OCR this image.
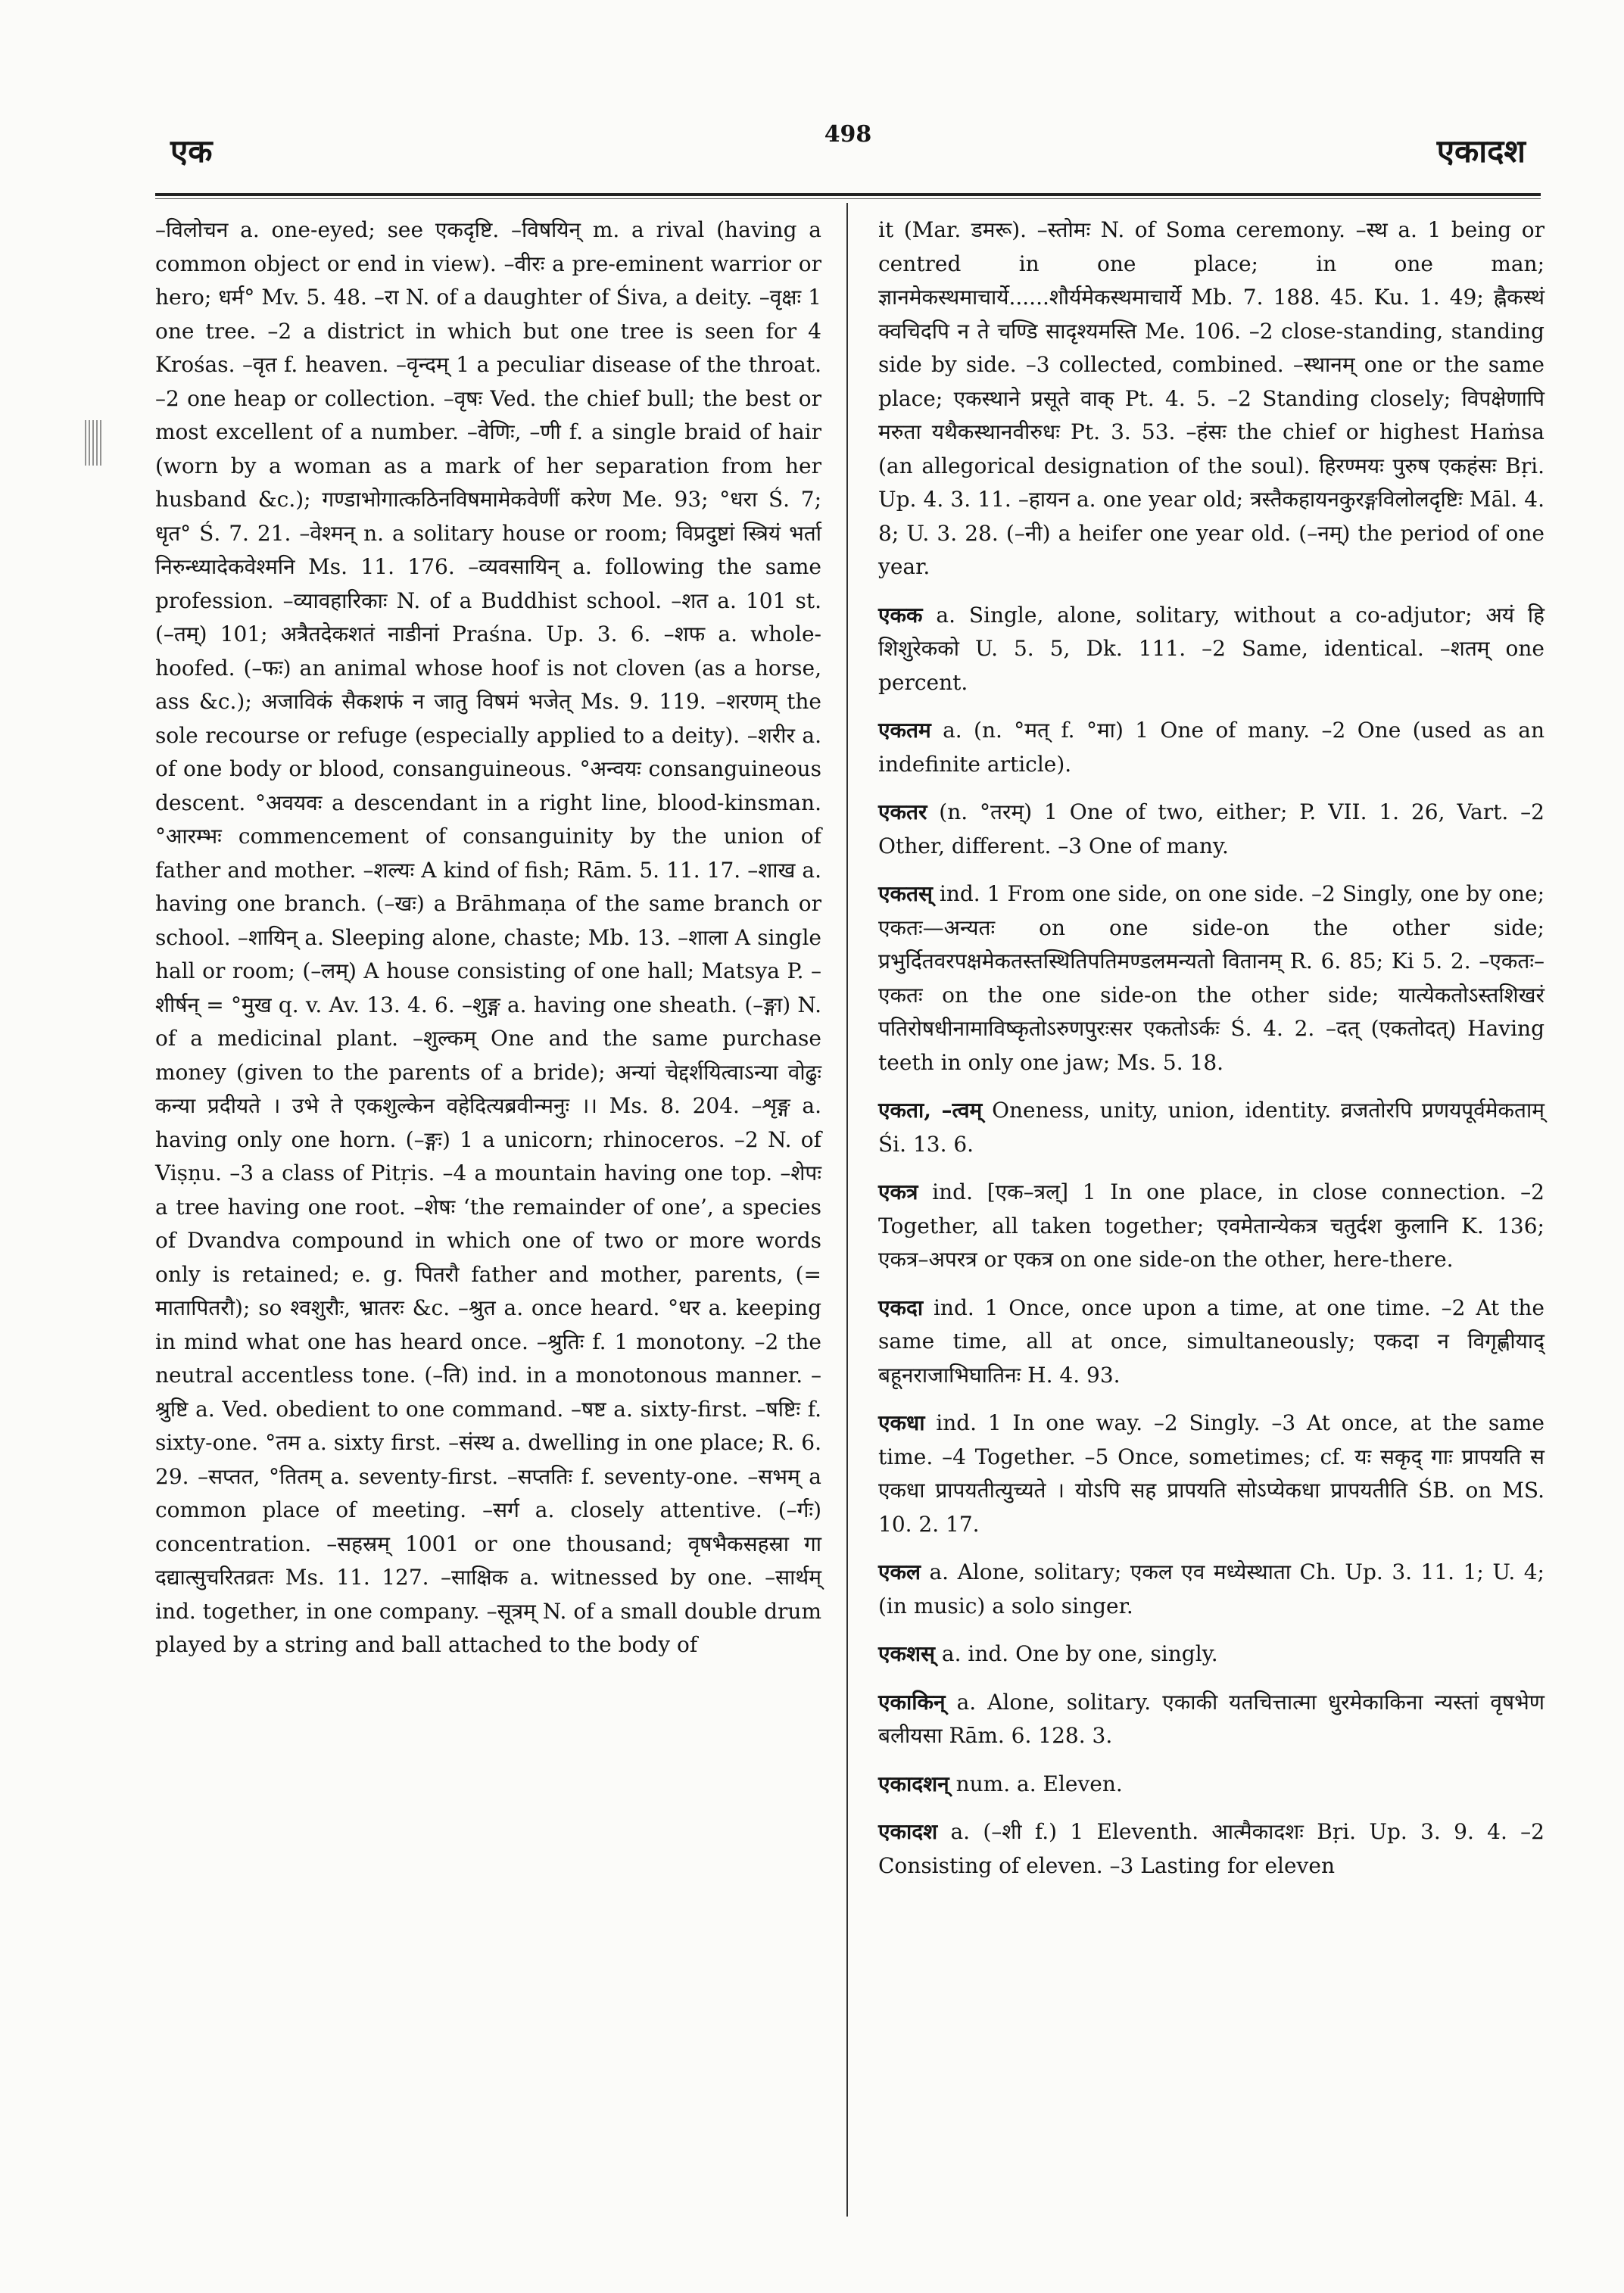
एक	498	एकादश

–विलोचन a. one-eyed; see एकदृष्टि. –विषयिन् m. a rival (having a common object or end in view). –वीरः a pre-eminent warrior or hero; धर्म° Mv. 5. 48. –रा N. of a daughter of Śiva, a deity. –वृक्षः 1 one tree. –2 a district in which but one tree is seen for 4 Krośas. –वृत f. heaven. –वृन्दम् 1 a peculiar disease of the throat. –2 one heap or collection. –वृषः Ved. the chief bull; the best or most excellent of a number. –वेणिः, –णी f. a single braid of hair (worn by a woman as a mark of her separation from her husband &c.); गण्डाभोगात्कठिनविषमामेकवेणीं करेण Me. 93; °धरा Ś. 7; धृत° Ś. 7. 21. –वेश्मन् n. a solitary house or room; विप्रदुष्टां स्त्रियं भर्ता निरुन्ध्यादेकवेश्मनि Ms. 11. 176. –व्यवसायिन् a. following the same profession. –व्यावहारिकाः N. of a Buddhist school. –शत a. 101 st. (–तम्) 101; अत्रैतदेकशतं नाडीनां Praśna. Up. 3. 6. –शफ a. whole-hoofed. (–फः) an animal whose hoof is not cloven (as a horse, ass &c.); अजाविकं सैकशफं न जातु विषमं भजेत् Ms. 9. 119. –शरणम् the sole recourse or refuge (especially applied to a deity). –शरीर a. of one body or blood, consanguineous. °अन्वयः consanguineous descent. °अवयवः a descendant in a right line, blood-kinsman. °आरम्भः commencement of consanguinity by the union of father and mother. –शल्यः A kind of fish; Rām. 5. 11. 17. –शाख a. having one branch. (–खः) a Brāhmaṇa of the same branch or school. –शायिन् a. Sleeping alone, chaste; Mb. 13. –शाला A single hall or room; (–लम्) A house consisting of one hall; Matsya P. –शीर्षन् = °मुख q. v. Av. 13. 4. 6. –शुङ्ग a. having one sheath. (–ङ्गा) N. of a medicinal plant. –शुल्कम् One and the same purchase money (given to the parents of a bride); अन्यां चेद्दर्शयित्वाऽन्या वोढुः कन्या प्रदीयते । उभे ते एकशुल्केन वहेदित्यब्रवीन्मनुः ।। Ms. 8. 204. –शृङ्ग a. having only one horn. (–ङ्गः) 1 a unicorn; rhinoceros. –2 N. of Viṣṇu. –3 a class of Pitṛis. –4 a mountain having one top. –शेपः a tree having one root. –शेषः ‘the remainder of one’, a species of Dvandva compound in which one of two or more words only is retained; e. g. पितरौ father and mother, parents, (= मातापितरौ); so श्वशुरौः, भ्रातरः &c. –श्रुत a. once heard. °धर a. keeping in mind what one has heard once. –श्रुतिः f. 1 monotony. –2 the neutral accentless tone. (–ति) ind. in a monotonous manner. –श्रुष्टि a. Ved. obedient to one command. –षष्ट a. sixty-first. –षष्टिः f. sixty-one. °तम a. sixty first. –संस्थ a. dwelling in one place; R. 6. 29. –सप्तत, °तितम् a. seventy-first. –सप्ततिः f. seventy-one. –सभम् a common place of meeting. –सर्ग a. closely attentive. (–र्गः) concentration. –सहस्रम् 1001 or one thousand; वृषभैकसहस्रा गा दद्यात्सुचरितव्रतः Ms. 11. 127. –साक्षिक a. witnessed by one. –सार्थम् ind. together, in one company. –सूत्रम् N. of a small double drum played by a string and ball attached to the body of

it (Mar. डमरू). –स्तोमः N. of Soma ceremony. –स्थ a. 1 being or centred in one place; in one man; ज्ञानमेकस्थमाचार्ये......शौर्यमेकस्थमाचार्ये Mb. 7. 188. 45. Ku. 1. 49; ह्नैकस्थं क्वचिदपि न ते चण्डि सादृश्यमस्ति Me. 106. –2 close-standing, standing side by side. –3 collected, combined. –स्थानम् one or the same place; एकस्थाने प्रसूते वाक् Pt. 4. 5. –2 Standing closely; विपक्षेणापि मरुता यथैकस्थानवीरुधः Pt. 3. 53. –हंसः the chief or highest Haṁsa (an allegorical designation of the soul). हिरण्मयः पुरुष एकहंसः Bṛi. Up. 4. 3. 11. –हायन a. one year old; त्रस्तैकहायनकुरङ्गविलोलदृष्टिः Māl. 4. 8; U. 3. 28. (–नी) a heifer one year old. (–नम्) the period of one year.

एकक a. Single, alone, solitary, without a co-adjutor; अयं हि शिशुरेकको U. 5. 5, Dk. 111. –2 Same, identical. –शतम् one percent.

एकतम a. (n. °मत् f. °मा) 1 One of many. –2 One (used as an indefinite article).

एकतर (n. °तरम्) 1 One of two, either; P. VII. 1. 26, Vart. –2 Other, different. –3 One of many.

एकतस् ind. 1 From one side, on one side. –2 Singly, one by one; एकतः—अन्यतः on one side-on the other side; प्रभुर्दितवरपक्षमेकतस्तस्थितिपतिमण्डलमन्यतो वितानम् R. 6. 85; Ki 5. 2. –एकतः–एकतः on the one side-on the other side; यात्येकतोऽस्तशिखरं पतिरोषधीनामाविष्कृतोऽरुणपुरःसर एकतोऽर्कः Ś. 4. 2. –दत् (एकतोदत्) Having teeth in only one jaw; Ms. 5. 18.

एकता, –त्वम् Oneness, unity, union, identity. व्रजतोरपि प्रणयपूर्वमेकताम् Śi. 13. 6.

एकत्र ind. [एक–त्रल्] 1 In one place, in close connection. –2 Together, all taken together; एवमेतान्येकत्र चतुर्दश कुलानि K. 136; एकत्र–अपरत्र or एकत्र on one side-on the other, here-there.

एकदा ind. 1 Once, once upon a time, at one time. –2 At the same time, all at once, simultaneously; एकदा न विगृह्णीयाद् बहूनराजाभिघातिनः H. 4. 93.

एकधा ind. 1 In one way. –2 Singly. –3 At once, at the same time. –4 Together. –5 Once, sometimes; cf. यः सकृद् गाः प्रापयति स एकधा प्रापयतीत्युच्यते । योऽपि सह प्रापयति सोऽप्येकधा प्रापयतीति ŚB. on MS. 10. 2. 17.

एकल a. Alone, solitary; एकल एव मध्येस्थाता Ch. Up. 3. 11. 1; U. 4; (in music) a solo singer.

एकशस् a. ind. One by one, singly.

एकाकिन् a. Alone, solitary. एकाकी यतचित्तात्मा धुरमेकाकिना न्यस्तां वृषभेण बलीयसा Rām. 6. 128. 3.

एकादशन् num. a. Eleven.

एकादश a. (–शी f.) 1 Eleventh. आत्मैकादशः Bṛi. Up. 3. 9. 4. –2 Consisting of eleven. –3 Lasting for eleven
